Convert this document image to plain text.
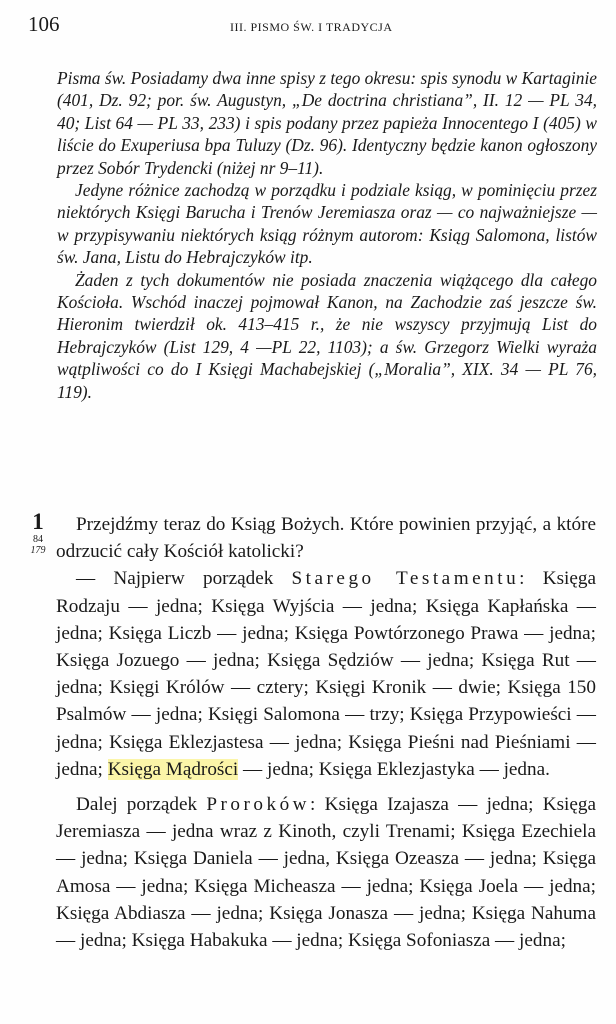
106	III. PISMO ŚW. I TRADYCJA

Pisma św. Posiadamy dwa inne spisy z tego okresu: spis synodu w Kartaginie (401, Dz. 92; por. św. Augustyn, „De doctrina christiana”, II. 12 — PL 34, 40; List 64 — PL 33, 233) i spis podany przez papieża Innocentego I (405) w liście do Exuperiusa bpa Tuluzy (Dz. 96). Identyczny będzie kanon ogłoszony przez Sobór Trydencki (niżej nr 9–11).

Jedyne różnice zachodzą w porządku i podziale ksiąg, w pominięciu przez niektórych Księgi Barucha i Trenów Jeremiasza oraz — co najważniejsze — w przypisywaniu niektórych ksiąg różnym autorom: Ksiąg Salomona, listów św. Jana, Listu do Hebrajczyków itp.

Żaden z tych dokumentów nie posiada znaczenia wiążącego dla całego Kościoła. Wschód inaczej pojmował Kanon, na Zachodzie zaś jeszcze św. Hieronim twierdził ok. 413–415 r., że nie wszyscy przyjmują List do Hebrajczyków (List 129, 4 —PL 22, 1103); a św. Grzegorz Wielki wyraża wątpliwości co do I Księgi Machabejskiej („Moralia”, XIX. 34 — PL 76, 119).

1
84
179

Przejdźmy teraz do Ksiąg Bożych. Które powinien przyjąć, a które odrzucić cały Kościół katolicki?

— Najpierw porządek Starego Testamentu: Księga Rodzaju — jedna; Księga Wyjścia — jedna; Księga Kapłańska — jedna; Księga Liczb — jedna; Księga Powtórzonego Prawa — jedna; Księga Jozuego — jedna; Księga Sędziów — jedna; Księga Rut — jedna; Księgi Królów — cztery; Księgi Kronik — dwie; Księga 150 Psalmów — jedna; Księgi Salomona — trzy; Księga Przypowieści — jedna; Księga Eklezjastesa — jedna; Księga Pieśni nad Pieśniami — jedna; Księga Mądrości — jedna; Księga Eklezjastyka — jedna.

Dalej porządek Proroków: Księga Izajasza — jedna; Księga Jeremiasza — jedna wraz z Kinoth, czyli Trenami; Księga Ezechiela — jedna; Księga Daniela — jedna, Księga Ozeasza — jedna; Księga Amosa — jedna; Księga Micheasza — jedna; Księga Joela — jedna; Księga Abdiasza — jedna; Księga Jonasza — jedna; Księga Nahuma — jedna; Księga Habakuka — jedna; Księga Sofoniasza — jedna;
